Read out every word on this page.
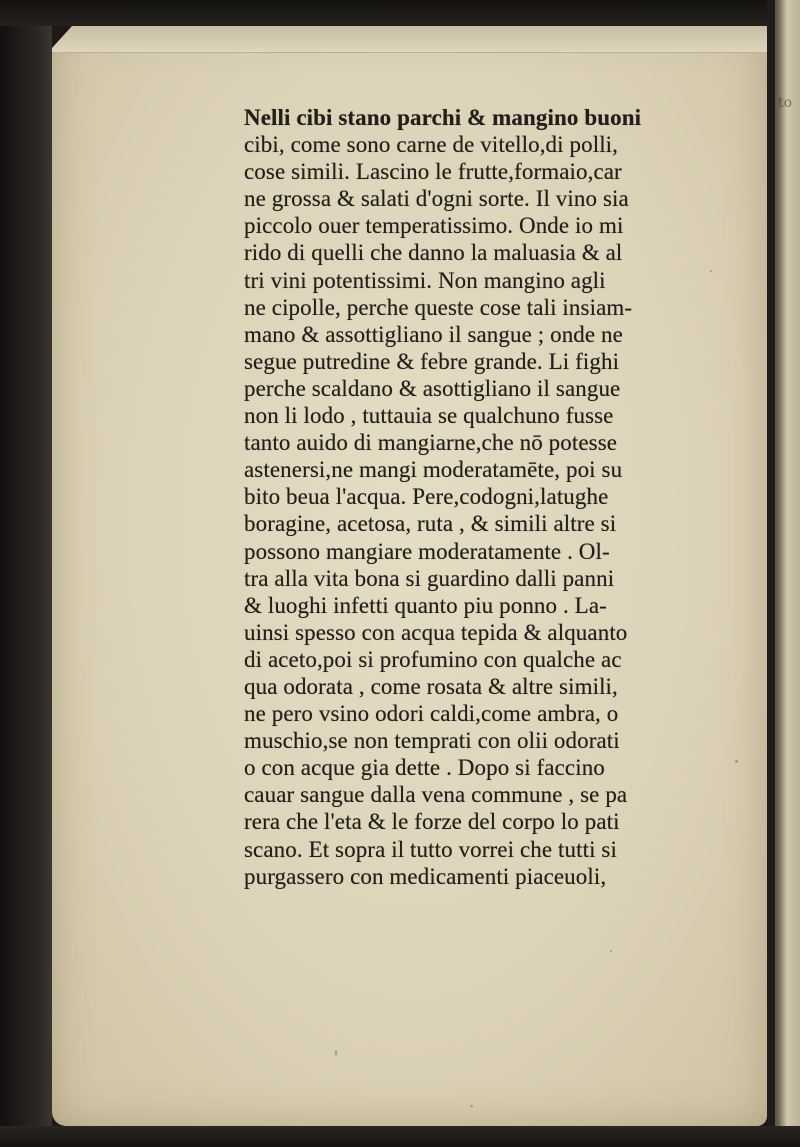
to
Nelli cibi stano parchi & mangino buoni
cibi, come sono carne de vitello,di polli,
cose simili. Lascino le frutte,formaio,car
ne grossa & salati d'ogni sorte. Il vino sia
piccolo ouer temperatissimo. Onde io mi
rido di quelli che danno la maluasia & al
tri vini potentissimi. Non mangino agli
ne cipolle, perche queste cose tali insiam-
mano & assottigliano il sangue ; onde ne
segue putredine & febre grande. Li fighi
perche scaldano & asottigliano il sangue
non li lodo , tuttauia se qualchuno fusse
tanto auido di mangiarne,che nō potesse
astenersi,ne mangi moderatamēte, poi su
bito beua l'acqua. Pere,codogni,latughe
boragine, acetosa, ruta , & simili altre si
possono mangiare moderatamente . Ol-
tra alla vita bona si guardino dalli panni
& luoghi infetti quanto piu ponno . La-
uinsi spesso con acqua tepida & alquanto
di aceto,poi si profumino con qualche ac
qua odorata , come rosata & altre simili,
ne pero vsino odori caldi,come ambra, o
muschio,se non temprati con olii odorati
o con acque gia dette . Dopo si faccino
cauar sangue dalla vena commune , se pa
rera che l'eta & le forze del corpo lo pati
scano. Et sopra il tutto vorrei che tutti si
purgassero con medicamenti piaceuoli,
